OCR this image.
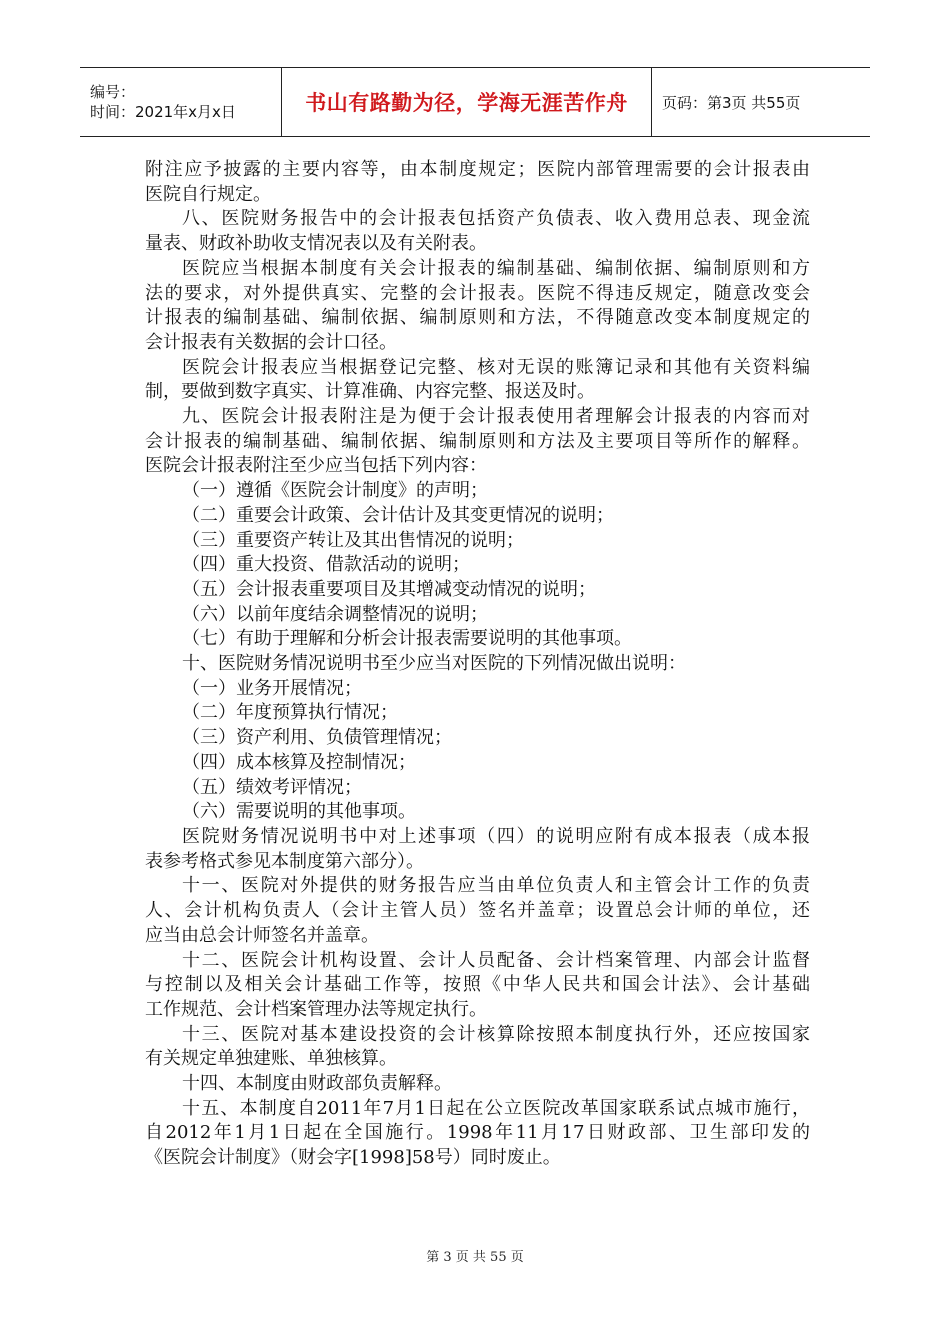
编号：
时间：2021年x月x日	书山有路勤为径，学海无涯苦作舟 页码：第3页 共55页

附注应予披露的主要内容等，由本制度规定；医院内部管理需要的会计报表由

医院自行规定。

八、医院财务报告中的会计报表包括资产负债表、收入费用总表、现金流

量表、财政补助收支情况表以及有关附表。

医院应当根据本制度有关会计报表的编制基础、编制依据、编制原则和方

法的要求，对外提供真实、完整的会计报表。医院不得违反规定，随意改变会

计报表的编制基础、编制依据、编制原则和方法，不得随意改变本制度规定的

会计报表有关数据的会计口径。

医院会计报表应当根据登记完整、核对无误的账簿记录和其他有关资料编

制，要做到数字真实、计算准确、内容完整、报送及时。

九、医院会计报表附注是为便于会计报表使用者理解会计报表的内容而对

会计报表的编制基础、编制依据、编制原则和方法及主要项目等所作的解释。

医院会计报表附注至少应当包括下列内容：

（一）遵循《医院会计制度》的声明；

（二）重要会计政策、会计估计及其变更情况的说明；

（三）重要资产转让及其出售情况的说明；

（四）重大投资、借款活动的说明；

（五）会计报表重要项目及其增减变动情况的说明；

（六）以前年度结余调整情况的说明；

（七）有助于理解和分析会计报表需要说明的其他事项。

十、医院财务情况说明书至少应当对医院的下列情况做出说明：

（一）业务开展情况；

（二）年度预算执行情况；

（三）资产利用、负债管理情况；

（四）成本核算及控制情况；

（五）绩效考评情况；

（六）需要说明的其他事项。

医院财务情况说明书中对上述事项（四）的说明应附有成本报表（成本报

表参考格式参见本制度第六部分）。

十一、医院对外提供的财务报告应当由单位负责人和主管会计工作的负责

人、会计机构负责人（会计主管人员）签名并盖章；设置总会计师的单位，还

应当由总会计师签名并盖章。

十二、医院会计机构设置、会计人员配备、会计档案管理、内部会计监督

与控制以及相关会计基础工作等，按照《中华人民共和国会计法》、会计基础

工作规范、会计档案管理办法等规定执行。

十三、医院对基本建设投资的会计核算除按照本制度执行外，还应按国家

有关规定单独建账、单独核算。

十四、本制度由财政部负责解释。

十五、本制度自2011年7月1日起在公立医院改革国家联系试点城市施行，

自2012年1月1日起在全国施行。1998年11月17日财政部、卫生部印发的

《医院会计制度》（财会字[1998]58号）同时废止。

第 3 页 共 55 页
